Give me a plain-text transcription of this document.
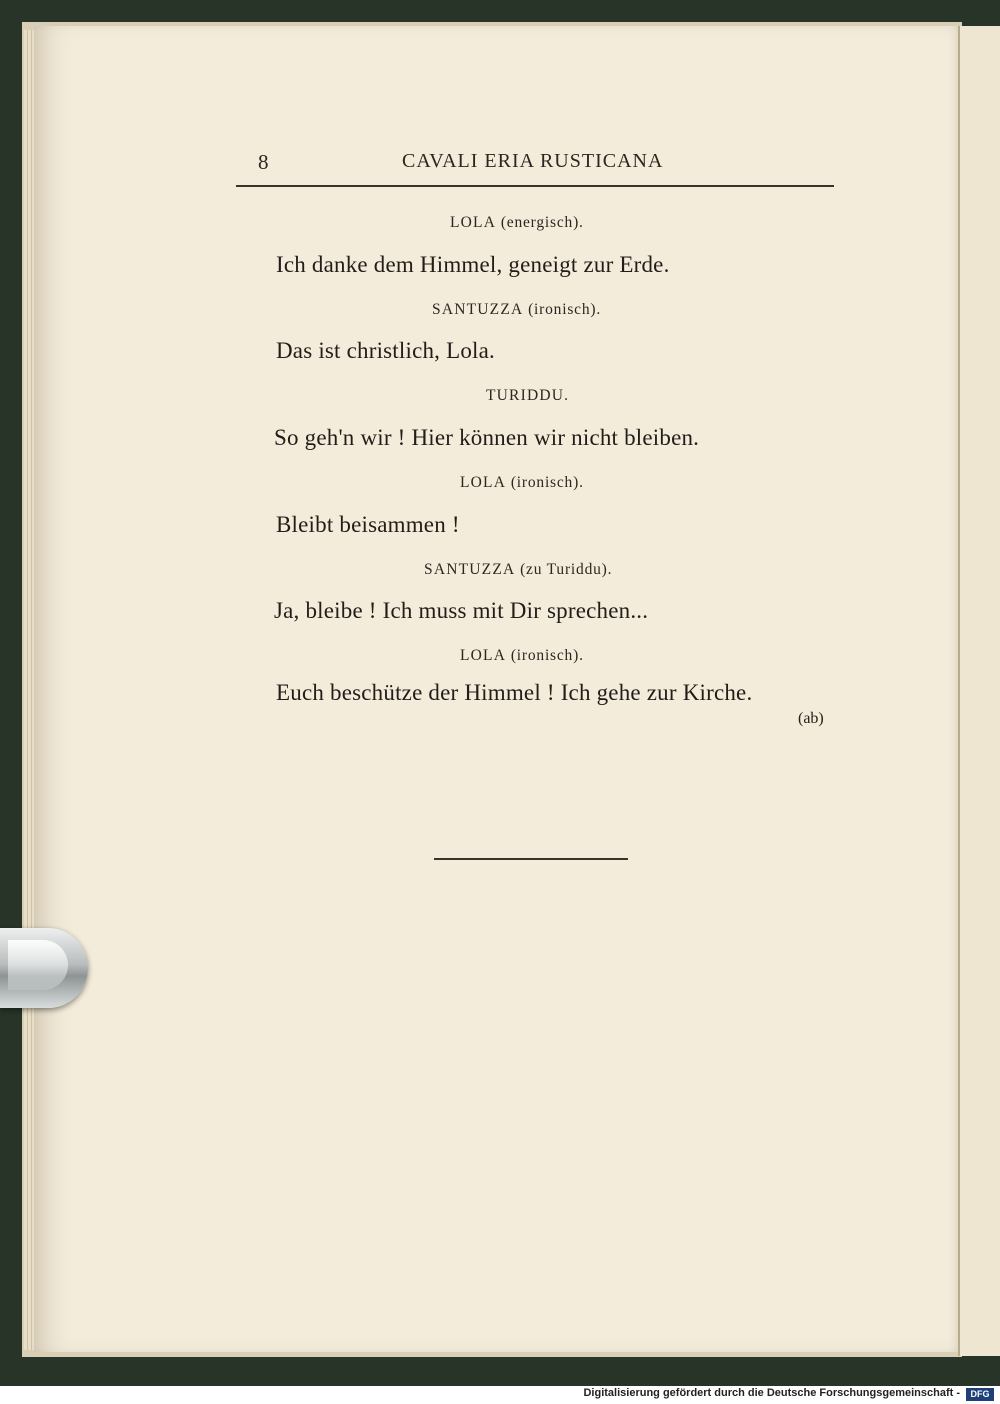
8	CAVALI ERIA RUSTICANA
LOLA (energisch).
Ich danke dem Himmel, geneigt zur Erde.
SANTUZZA (ironisch).
Das ist christlich, Lola.
TURIDDU.
So geh'n wir ! Hier können wir nicht bleiben.
LOLA (ironisch).
Bleibt beisammen !
SANTUZZA (zu Turiddu).
Ja, bleibe ! Ich muss mit Dir sprechen...
LOLA (ironisch).
Euch beschütze der Himmel ! Ich gehe zur Kirche.
(ab)
Digitalisierung gefördert durch die Deutsche Forschungsgemeinschaft -	DFG
